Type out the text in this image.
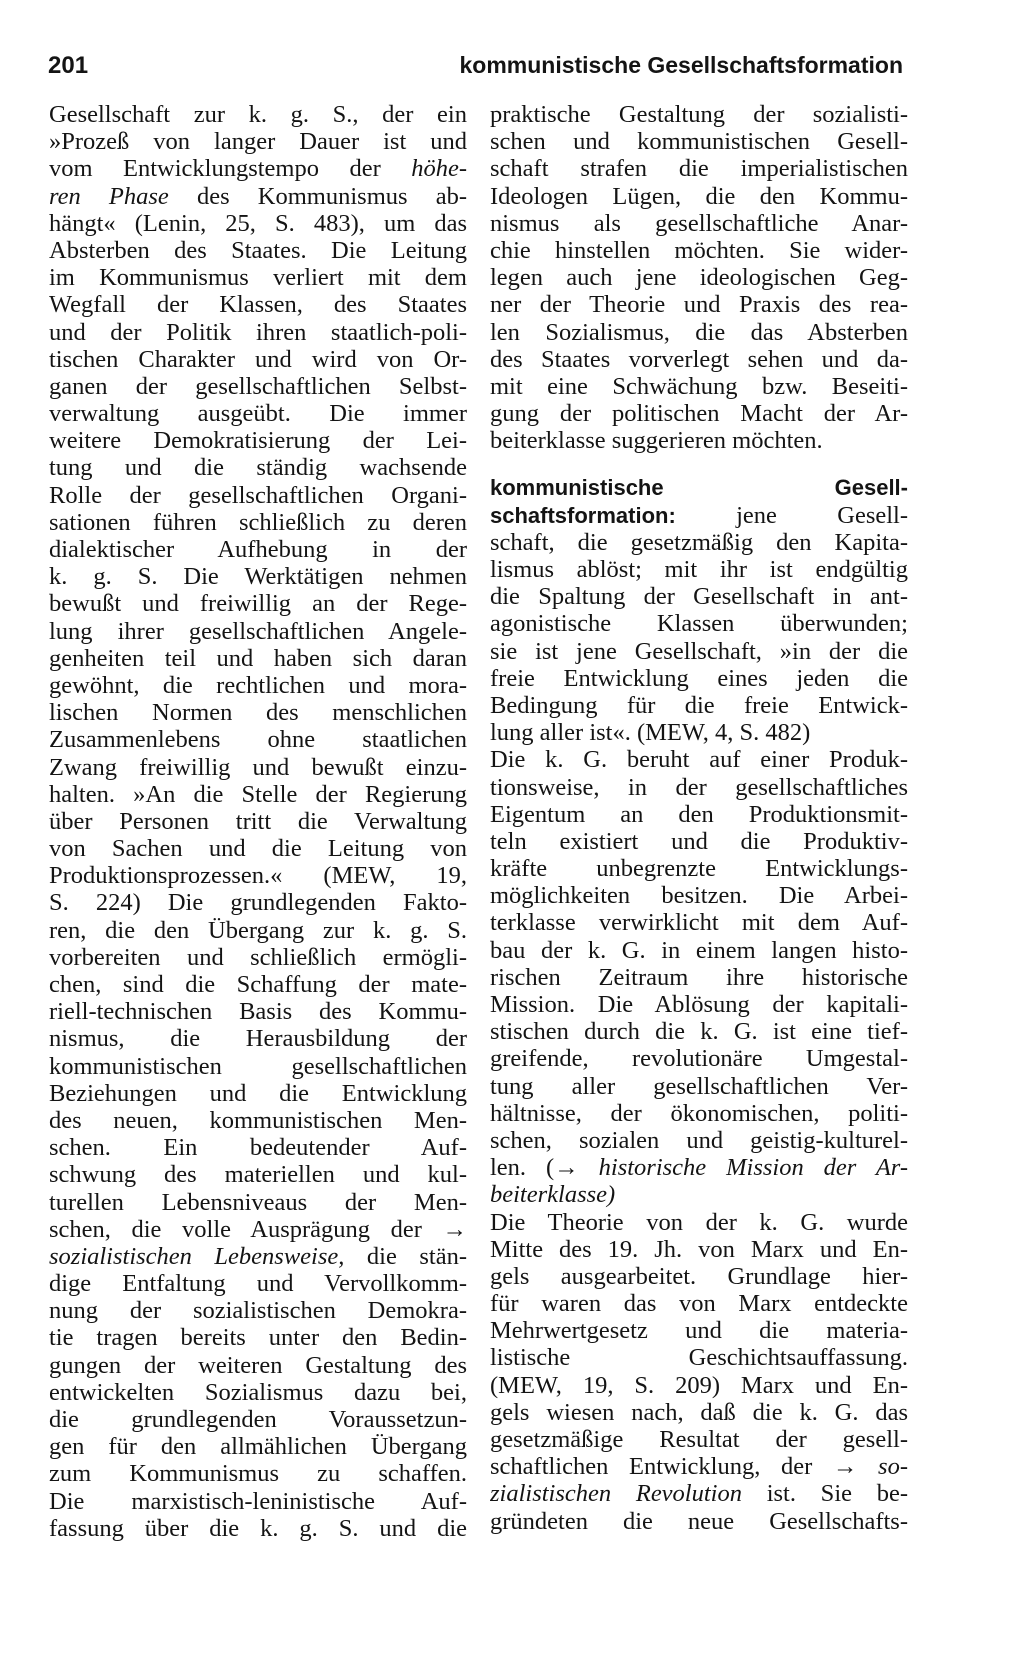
201	kommunistische Gesellschaftsformation
Gesellschaft zur k. g. S., der ein
»Prozeß von langer Dauer ist und
vom Entwicklungstempo der höhe-
ren Phase des Kommunismus ab-
hängt« (Lenin, 25, S. 483), um das
Absterben des Staates. Die Leitung
im Kommunismus verliert mit dem
Wegfall der Klassen, des Staates
und der Politik ihren staatlich-poli-
tischen Charakter und wird von Or-
ganen der gesellschaftlichen Selbst-
verwaltung ausgeübt. Die immer
weitere Demokratisierung der Lei-
tung und die ständig wachsende
Rolle der gesellschaftlichen Organi-
sationen führen schließlich zu deren
dialektischer Aufhebung in der
k. g. S. Die Werktätigen nehmen
bewußt und freiwillig an der Rege-
lung ihrer gesellschaftlichen Angele-
genheiten teil und haben sich daran
gewöhnt, die rechtlichen und mora-
lischen Normen des menschlichen
Zusammenlebens ohne staatlichen
Zwang freiwillig und bewußt einzu-
halten. »An die Stelle der Regierung
über Personen tritt die Verwaltung
von Sachen und die Leitung von
Produktionsprozessen.« (MEW, 19,
S. 224) Die grundlegenden Fakto-
ren, die den Übergang zur k. g. S.
vorbereiten und schließlich ermögli-
chen, sind die Schaffung der mate-
riell-technischen Basis des Kommu-
nismus, die Herausbildung der
kommunistischen gesellschaftlichen
Beziehungen und die Entwicklung
des neuen, kommunistischen Men-
schen. Ein bedeutender Auf-
schwung des materiellen und kul-
turellen Lebensniveaus der Men-
schen, die volle Ausprägung der →
sozialistischen Lebensweise, die stän-
dige Entfaltung und Vervollkomm-
nung der sozialistischen Demokra-
tie tragen bereits unter den Bedin-
gungen der weiteren Gestaltung des
entwickelten Sozialismus dazu bei,
die grundlegenden Voraussetzun-
gen für den allmählichen Übergang
zum Kommunismus zu schaffen.
Die marxistisch-leninistische Auf-
fassung über die k. g. S. und die
praktische Gestaltung der sozialisti-
schen und kommunistischen Gesell-
schaft strafen die imperialistischen
Ideologen Lügen, die den Kommu-
nismus als gesellschaftliche Anar-
chie hinstellen möchten. Sie wider-
legen auch jene ideologischen Geg-
ner der Theorie und Praxis des rea-
len Sozialismus, die das Absterben
des Staates vorverlegt sehen und da-
mit eine Schwächung bzw. Beseiti-
gung der politischen Macht der Ar-
beiterklasse suggerieren möchten.
kommunistische	Gesell-
schaftsformation: jene Gesell-
schaft, die gesetzmäßig den Kapita-
lismus ablöst; mit ihr ist endgültig
die Spaltung der Gesellschaft in ant-
agonistische Klassen überwunden;
sie ist jene Gesellschaft, »in der die
freie Entwicklung eines jeden die
Bedingung für die freie Entwick-
lung aller ist«. (MEW, 4, S. 482)
Die k. G. beruht auf einer Produk-
tionsweise, in der gesellschaftliches
Eigentum an den Produktionsmit-
teln existiert und die Produktiv-
kräfte unbegrenzte Entwicklungs-
möglichkeiten besitzen. Die Arbei-
terklasse verwirklicht mit dem Auf-
bau der k. G. in einem langen histo-
rischen Zeitraum ihre historische
Mission. Die Ablösung der kapitali-
stischen durch die k. G. ist eine tief-
greifende, revolutionäre Umgestal-
tung aller gesellschaftlichen Ver-
hältnisse, der ökonomischen, politi-
schen, sozialen und geistig-kulturel-
len. (→ historische Mission der Ar-
beiterklasse)
Die Theorie von der k. G. wurde
Mitte des 19. Jh. von Marx und En-
gels ausgearbeitet. Grundlage hier-
für waren das von Marx entdeckte
Mehrwertgesetz und die materia-
listische Geschichtsauffassung.
(MEW, 19, S. 209) Marx und En-
gels wiesen nach, daß die k. G. das
gesetzmäßige Resultat der gesell-
schaftlichen Entwicklung, der → so-
zialistischen Revolution ist. Sie be-
gründeten die neue Gesellschafts-
